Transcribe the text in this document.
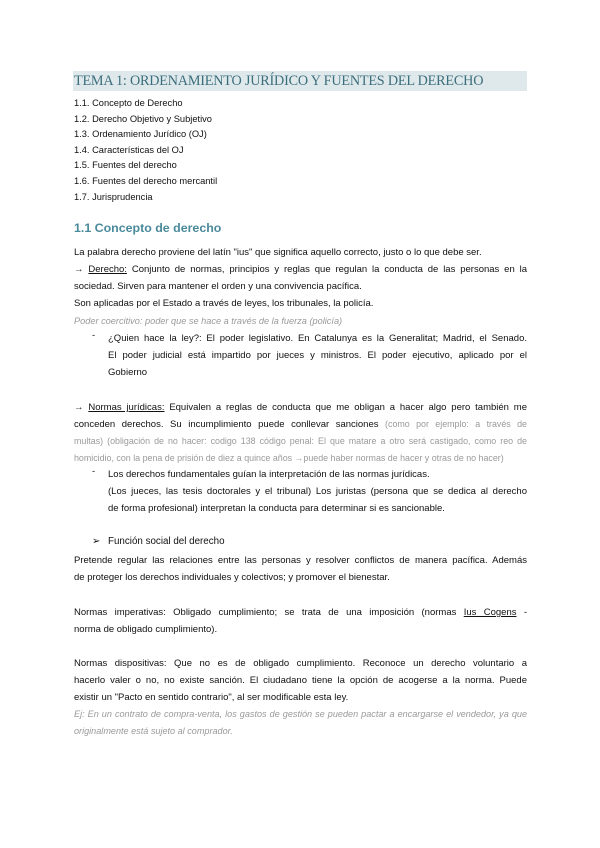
TEMA 1: ORDENAMIENTO JURÍDICO Y FUENTES DEL DERECHO
1.1. Concepto de Derecho
1.2. Derecho Objetivo y Subjetivo
1.3. Ordenamiento Jurídico (OJ)
1.4. Características del OJ
1.5. Fuentes del derecho
1.6. Fuentes del derecho mercantil
1.7. Jurisprudencia
1.1 Concepto de derecho
La palabra derecho proviene del latín "ius" que significa aquello correcto, justo o lo que debe ser.
→ Derecho: Conjunto de normas, principios y reglas que regulan la conducta de las personas en la
sociedad. Sirven para mantener el orden y una convivencia pacífica.
Son aplicadas por el Estado a través de leyes, los tribunales, la policía.
Poder coercitivo: poder que se hace a través de la fuerza (policía)
- ¿Quien hace la ley?: El poder legislativo. En Catalunya es la Generalitat; Madrid, el Senado.
El poder judicial está impartido por jueces y ministros. El poder ejecutivo, aplicado por el
Gobierno
→ Normas jurídicas: Equivalen a reglas de conducta que me obligan a hacer algo pero también me
conceden derechos. Su incumplimiento puede conllevar sanciones (como por ejemplo: a través de
multas) (obligación de no hacer: codigo 138 código penal: El que matare a otro será castigado, como reo de
homicidio, con la pena de prisión de diez a quince años →puede haber normas de hacer y otras de no hacer)
- Los derechos fundamentales guían la interpretación de las normas jurídicas.
(Los jueces, las tesis doctorales y el tribunal) Los juristas (persona que se dedica al derecho
de forma profesional) interpretan la conducta para determinar si es sancionable.
➢ Función social del derecho
Pretende regular las relaciones entre las personas y resolver conflictos de manera pacífica. Además
de proteger los derechos individuales y colectivos; y promover el bienestar.
Normas imperativas: Obligado cumplimiento; se trata de una imposición (normas Ius Cogens -
norma de obligado cumplimiento).
Normas dispositivas: Que no es de obligado cumplimiento. Reconoce un derecho voluntario a
hacerlo valer o no, no existe sanción. El ciudadano tiene la opción de acogerse a la norma. Puede
existir un "Pacto en sentido contrario", al ser modificable esta ley.
Ej: En un contrato de compra-venta, los gastos de gestión se pueden pactar a encargarse el vendedor, ya que
originalmente está sujeto al comprador.
